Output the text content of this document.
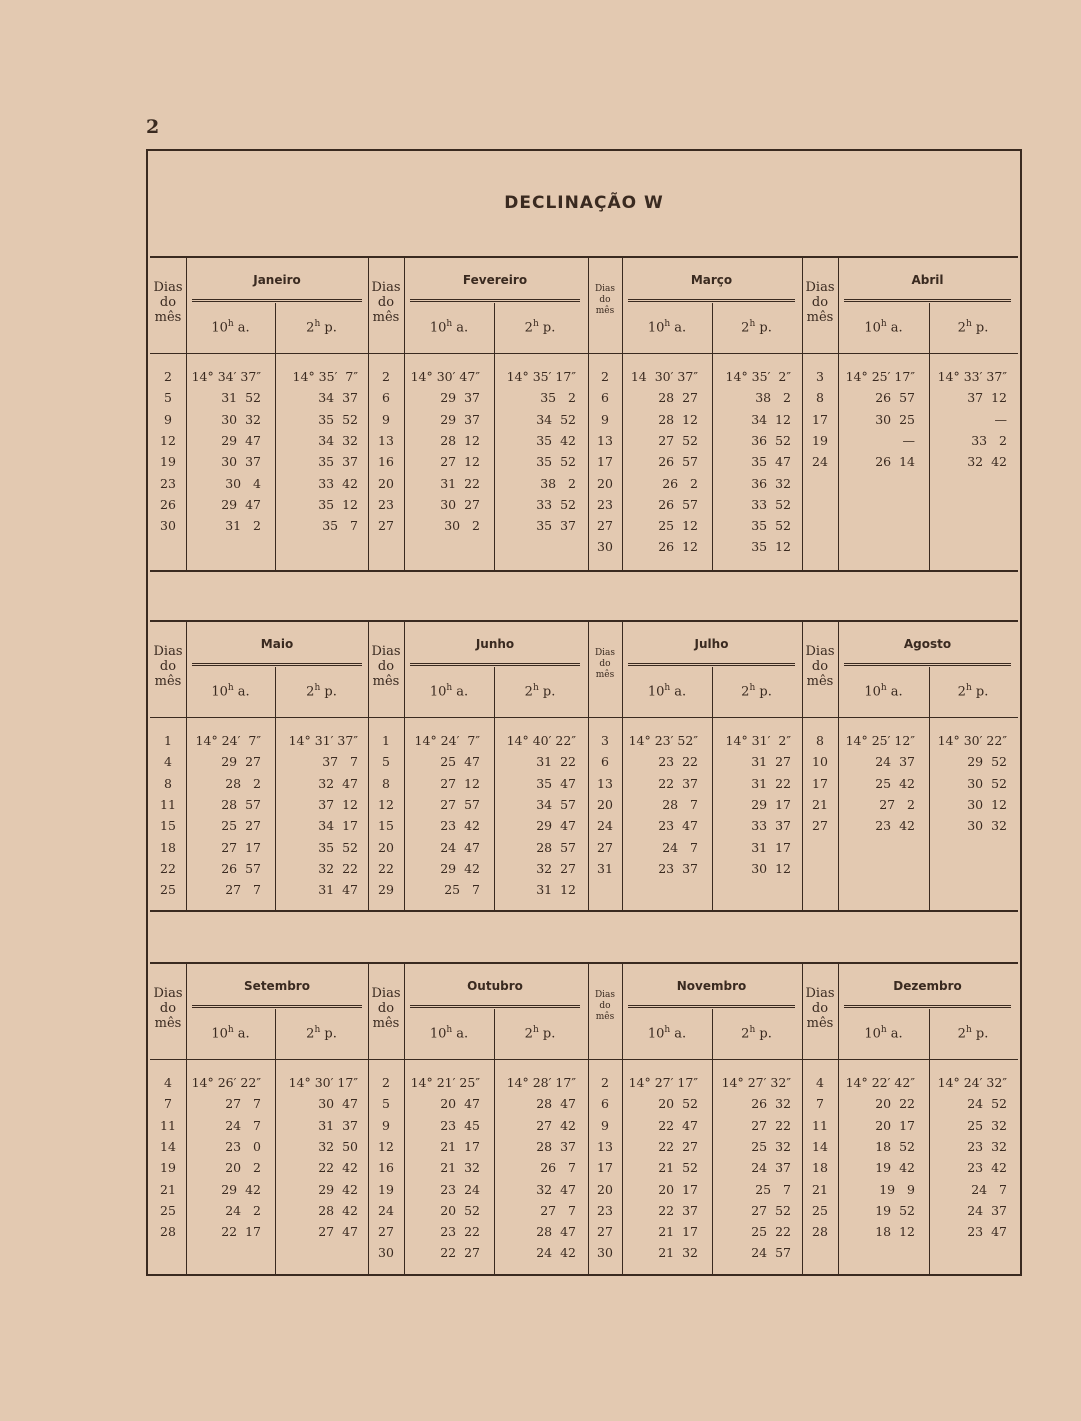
2
DECLINAÇÃO W
Janeiro
Dias
do
mês
10$^h$ a.	2$^h$ p.
2	14° 34′ 37″	14° 35′  7″
5	31  52	34  37
9	30  32	35  52
12	29  47	34  32
19	30  37	35  37
23	30   4	33  42
26	29  47	35  12
30	31   2	35   7
Fevereiro
Dias
do
mês
10$^h$ a.	2$^h$ p.
2	14° 30′ 47″	14° 35′ 17″
6	29  37	35   2
9	29  37	34  52
13	28  12	35  42
16	27  12	35  52
20	31  22	38   2
23	30  27	33  52
27	30   2	35  37
Março
Dias
do
mês
10$^h$ a.	2$^h$ p.
2	14  30′ 37″	14° 35′  2″
6	28  27	38   2
9	28  12	34  12
13	27  52	36  52
17	26  57	35  47
20	26   2	36  32
23	26  57	33  52
27	25  12	35  52
30	26  12	35  12
Abril
Dias
do
mês
10$^h$ a.	2$^h$ p.
3	14° 25′ 17″	14° 33′ 37″
8	26  57	37  12
17	30  25	—
19	—	33   2
24	26  14	32  42
Maio
Dias
do
mês
10$^h$ a.	2$^h$ p.
1	14° 24′  7″	14° 31′ 37″
4	29  27	37   7
8	28   2	32  47
11	28  57	37  12
15	25  27	34  17
18	27  17	35  52
22	26  57	32  22
25	27   7	31  47
Junho
Dias
do
mês
10$^h$ a.	2$^h$ p.
1	14° 24′  7″	14° 40′ 22″
5	25  47	31  22
8	27  12	35  47
12	27  57	34  57
15	23  42	29  47
20	24  47	28  57
22	29  42	32  27
29	25   7	31  12
Julho
Dias
do
mês
10$^h$ a.	2$^h$ p.
3	14° 23′ 52″	14° 31′  2″
6	23  22	31  27
13	22  37	31  22
20	28   7	29  17
24	23  47	33  37
27	24   7	31  17
31	23  37	30  12
Agosto
Dias
do
mês
10$^h$ a.	2$^h$ p.
8	14° 25′ 12″	14° 30′ 22″
10	24  37	29  52
17	25  42	30  52
21	27   2	30  12
27	23  42	30  32
Setembro
Dias
do
mês
10$^h$ a.	2$^h$ p.
4	14° 26′ 22″	14° 30′ 17″
7	27   7	30  47
11	24   7	31  37
14	23   0	32  50
19	20   2	22  42
21	29  42	29  42
25	24   2	28  42
28	22  17	27  47
Outubro
Dias
do
mês
10$^h$ a.	2$^h$ p.
2	14° 21′ 25″	14° 28′ 17″
5	20  47	28  47
9	23  45	27  42
12	21  17	28  37
16	21  32	26   7
19	23  24	32  47
24	20  52	27   7
27	23  22	28  47
30	22  27	24  42
Novembro
Dias
do
mês
10$^h$ a.	2$^h$ p.
2	14° 27′ 17″	14° 27′ 32″
6	20  52	26  32
9	22  47	27  22
13	22  27	25  32
17	21  52	24  37
20	20  17	25   7
23	22  37	27  52
27	21  17	25  22
30	21  32	24  57
Dezembro
Dias
do
mês
10$^h$ a.	2$^h$ p.
4	14° 22′ 42″	14° 24′ 32″
7	20  22	24  52
11	20  17	25  32
14	18  52	23  32
18	19  42	23  42
21	19   9	24   7
25	19  52	24  37
28	18  12	23  47
